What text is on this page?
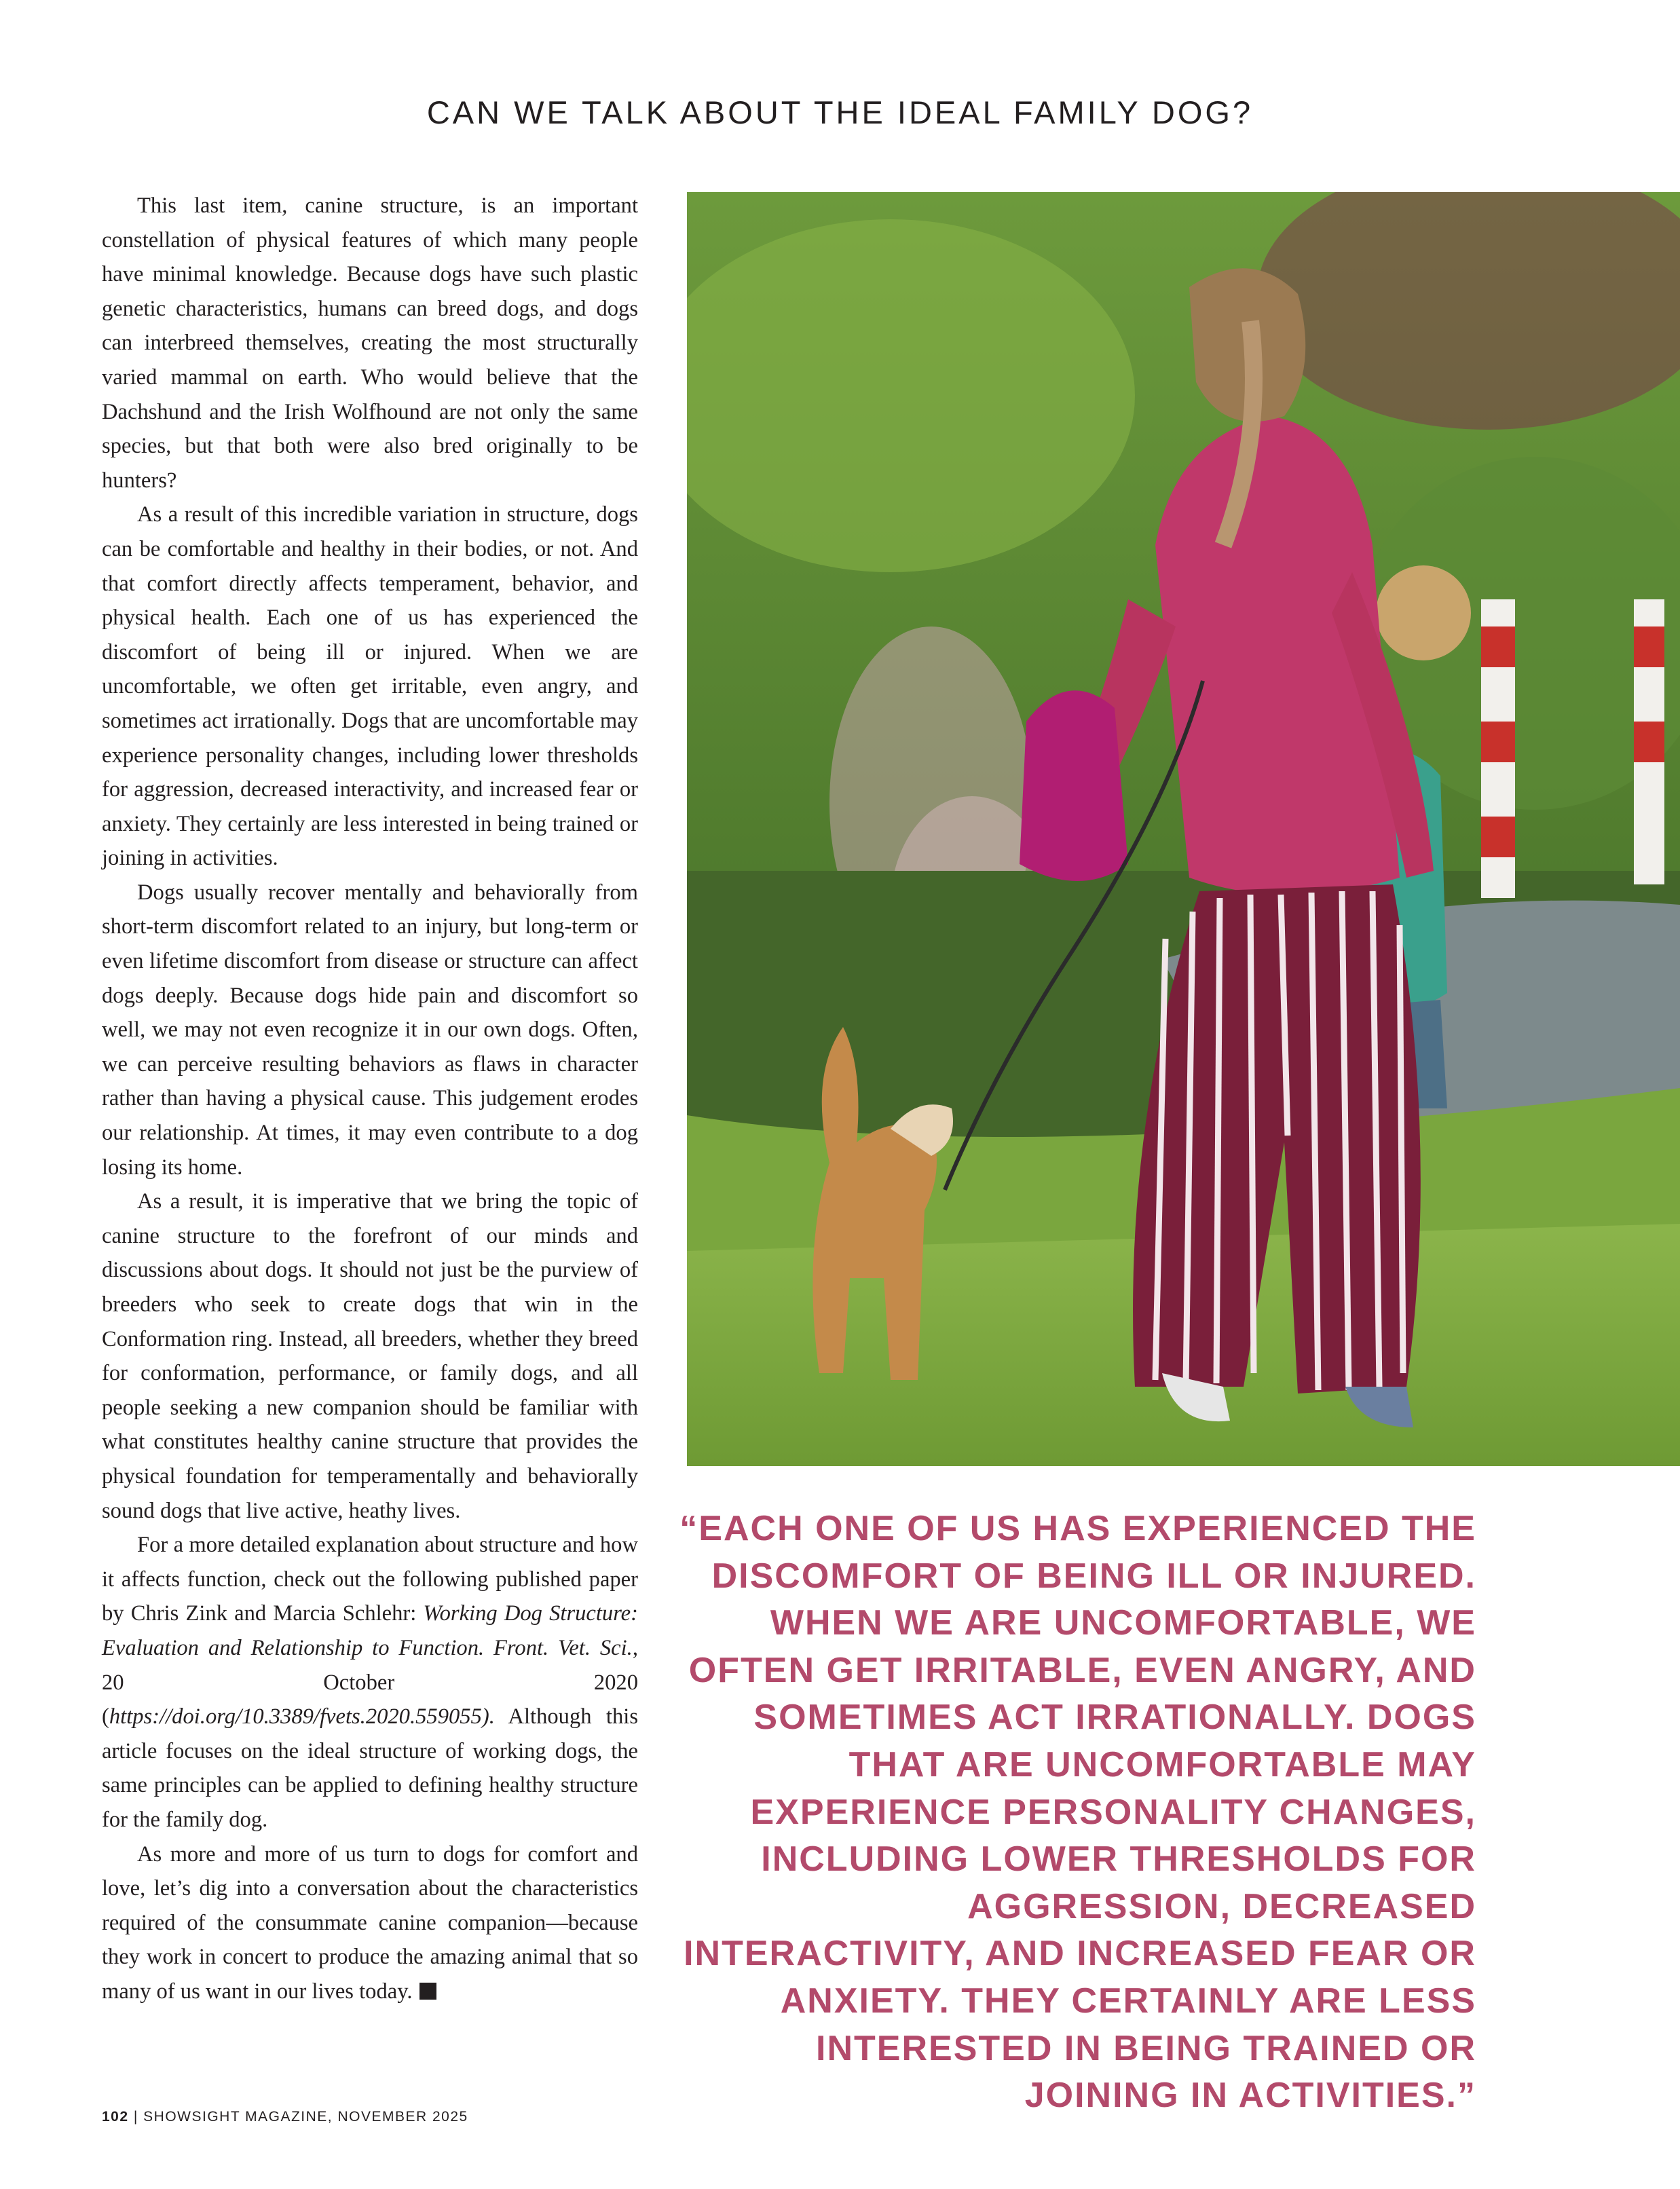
CAN WE TALK ABOUT THE IDEAL FAMILY DOG?

This last item, canine structure, is an important constellation of physical features of which many people have minimal knowledge. Because dogs have such plastic genetic characteristics, humans can breed dogs, and dogs can interbreed themselves, creating the most structurally varied mammal on earth. Who would believe that the Dachshund and the Irish Wolfhound are not only the same species, but that both were also bred originally to be hunters?

As a result of this incredible variation in structure, dogs can be comfortable and healthy in their bodies, or not. And that comfort directly affects temperament, behavior, and physical health. Each one of us has experienced the discomfort of being ill or injured. When we are uncomfortable, we often get irritable, even angry, and sometimes act irrationally. Dogs that are uncomfortable may experience personality changes, including lower thresholds for aggression, decreased interactivity, and increased fear or anxiety. They certainly are less interested in being trained or joining in activities.

Dogs usually recover mentally and behaviorally from short-term discomfort related to an injury, but long-term or even lifetime discomfort from disease or structure can affect dogs deeply. Because dogs hide pain and discomfort so well, we may not even recognize it in our own dogs. Often, we can perceive resulting behaviors as flaws in character rather than having a physical cause. This judgement erodes our relationship. At times, it may even contribute to a dog losing its home.

As a result, it is imperative that we bring the topic of canine structure to the forefront of our minds and discussions about dogs. It should not just be the purview of breeders who seek to create dogs that win in the Conformation ring. Instead, all breeders, whether they breed for conformation, performance, or family dogs, and all people seeking a new companion should be familiar with what constitutes healthy canine structure that provides the physical foundation for temperamentally and behaviorally sound dogs that live active, heathy lives.

For a more detailed explanation about structure and how it affects function, check out the following published paper by Chris Zink and Marcia Schlehr: Working Dog Structure: Evaluation and Relationship to Function. Front. Vet. Sci., 20 October 2020 (https://doi.org/10.3389/fvets.2020.559055). Although this article focuses on the ideal structure of working dogs, the same principles can be applied to defining healthy structure for the family dog.

As more and more of us turn to dogs for comfort and love, let’s dig into a conversation about the characteristics required of the consummate canine companion—because they work in concert to produce the amazing animal that so many of us want in our lives today.

“EACH ONE OF US HAS EXPERIENCED THE DISCOMFORT OF BEING ILL OR INJURED. WHEN WE ARE UNCOMFORTABLE, WE OFTEN GET IRRITABLE, EVEN ANGRY, AND SOMETIMES ACT IRRATIONALLY. DOGS THAT ARE UNCOMFORTABLE MAY EXPERIENCE PERSONALITY CHANGES, INCLUDING LOWER THRESHOLDS FOR AGGRESSION, DECREASED INTERACTIVITY, AND INCREASED FEAR OR ANXIETY. THEY CERTAINLY ARE LESS INTERESTED IN BEING TRAINED OR JOINING IN ACTIVITIES.”
102 | SHOWSIGHT MAGAZINE, NOVEMBER 2025
